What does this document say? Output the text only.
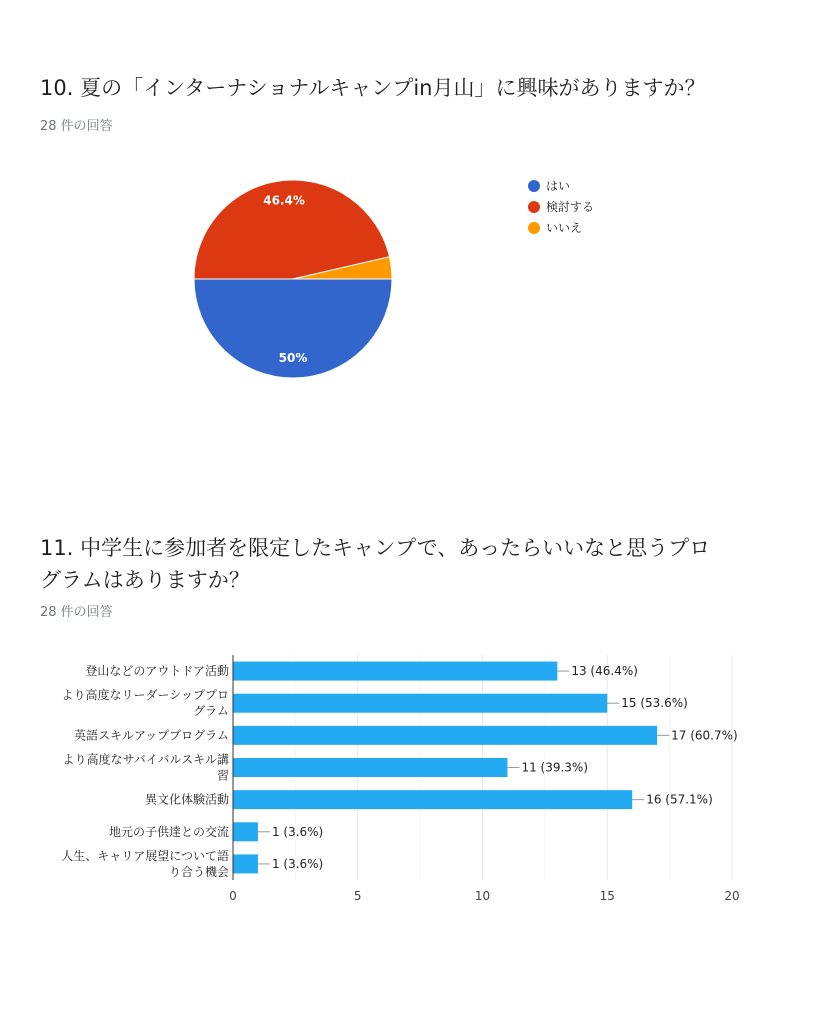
10. 夏の「インターナショナルキャンプin月山」に興味がありますか？
28 件の回答
50%
46.4%
はい
検討する
いいえ
11. 中学生に参加者を限定したキャンプで、あったらいいなと思うプロ
グラムはありますか？
28 件の回答
13 (46.4%)
登山などのアウトドア活動
15 (53.6%)
より高度なリーダーシッププロ
グラム
17 (60.7%)
英語スキルアッププログラム
11 (39.3%)
より高度なサバイバルスキル講
習
16 (57.1%)
異文化体験活動
1 (3.6%)
地元の子供達との交流
1 (3.6%)
人生、キャリア展望について語
り合う機会
0	5	10	15	20
